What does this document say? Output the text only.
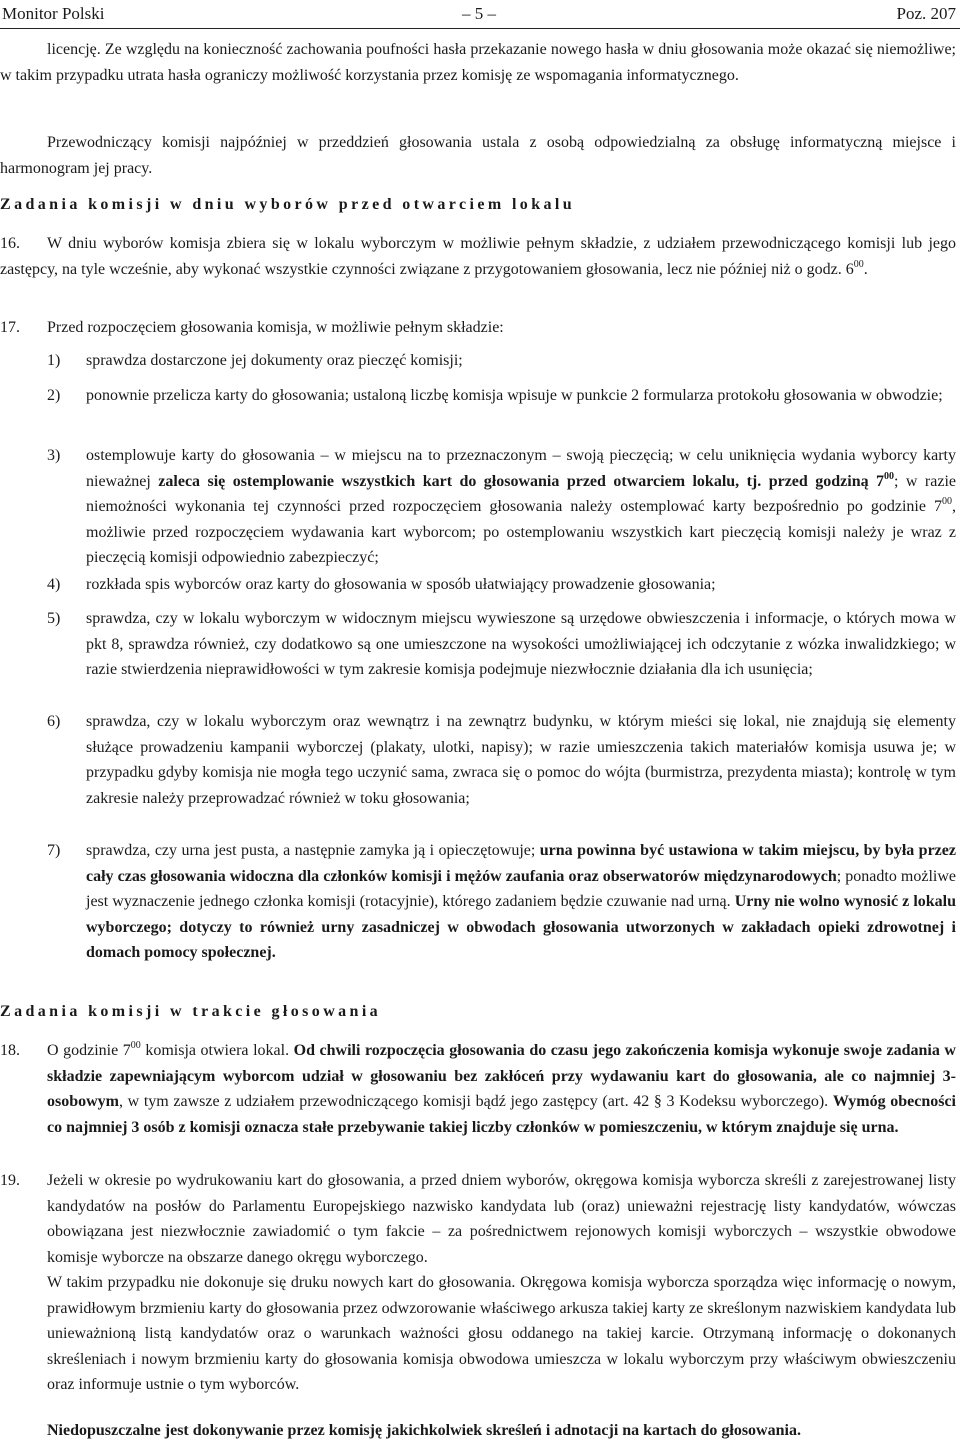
Monitor Polski	– 5 –	Poz. 207

licencję. Ze względu na konieczność zachowania poufności hasła przekazanie nowego hasła w dniu głosowania może okazać się niemożliwe; w takim przypadku utrata hasła ograniczy możliwość korzystania przez komisję ze wspomagania informatycznego.

Przewodniczący komisji najpóźniej w przeddzień głosowania ustala z osobą odpowiedzialną za obsługę informatyczną miejsce i harmonogram jej pracy.

Zadania komisji w dniu wyborów przed otwarciem lokalu
16.	W dniu wyborów komisja zbiera się w lokalu wyborczym w możliwie pełnym składzie, z udziałem przewodniczącego komisji lub jego zastępcy, na tyle wcześnie, aby wykonać wszystkie czynności związane z przygotowaniem głosowania, lecz nie później niż o godz. $6^{00}$.

17. Przed rozpoczęciem głosowania komisja, w możliwie pełnym składzie:

1) sprawdza dostarczone jej dokumenty oraz pieczęć komisji;

2) ponownie przelicza karty do głosowania; ustaloną liczbę komisja wpisuje w punkcie 2 formularza protokołu głosowania w obwodzie;

3) ostemplowuje karty do głosowania – w miejscu na to przeznaczonym – swoją pieczęcią; w celu uniknięcia wydania wyborcy karty nieważnej zaleca się ostemplowanie wszystkich kart do głosowania przed otwarciem lokalu, tj. przed godziną $7^{00}$; w razie niemożności wykonania tej czynności przed rozpoczęciem głosowania należy ostemplować karty bezpośrednio po godzinie $7^{00}$, możliwie przed rozpoczęciem wydawania kart wyborcom; po ostemplowaniu wszystkich kart pieczęcią komisji należy je wraz z pieczęcią komisji odpowiednio zabezpieczyć;

4) rozkłada spis wyborców oraz karty do głosowania w sposób ułatwiający prowadzenie głosowania;

5) sprawdza, czy w lokalu wyborczym w widocznym miejscu wywieszone są urzędowe obwieszczenia i informacje, o których mowa w pkt 8, sprawdza również, czy dodatkowo są one umieszczone na wysokości umożliwiającej ich odczytanie z wózka inwalidzkiego; w razie stwierdzenia nieprawidłowości w tym zakresie komisja podejmuje niezwłocznie działania dla ich usunięcia;

6) sprawdza, czy w lokalu wyborczym oraz wewnątrz i na zewnątrz budynku, w którym mieści się lokal, nie znajdują się elementy służące prowadzeniu kampanii wyborczej (plakaty, ulotki, napisy); w razie umieszczenia takich materiałów komisja usuwa je; w przypadku gdyby komisja nie mogła tego uczynić sama, zwraca się o pomoc do wójta (burmistrza, prezydenta miasta); kontrolę w tym zakresie należy przeprowadzać również w toku głosowania;

7) sprawdza, czy urna jest pusta, a następnie zamyka ją i opieczętowuje; urna powinna być ustawiona w takim miejscu, by była przez cały czas głosowania widoczna dla członków komisji i mężów zaufania oraz obserwatorów międzynarodowych; ponadto możliwe jest wyznaczenie jednego członka komisji (rotacyjnie), którego zadaniem będzie czuwanie nad urną. Urny nie wolno wynosić z lokalu wyborczego; dotyczy to również urny zasadniczej w obwodach głosowania utworzonych w zakładach opieki zdrowotnej i domach pomocy społecznej.

Zadania komisji w trakcie głosowania
18. O godzinie $7^{00}$ komisja otwiera lokal. Od chwili rozpoczęcia głosowania do czasu jego zakończenia komisja wykonuje swoje zadania w składzie zapewniającym wyborcom udział w głosowaniu bez zakłóceń przy wydawaniu kart do głosowania, ale co najmniej 3-osobowym, w tym zawsze z udziałem przewodniczącego komisji bądź jego zastępcy (art. 42 § 3 Kodeksu wyborczego). Wymóg obecności co najmniej 3 osób z komisji oznacza stałe przebywanie takiej liczby członków w pomieszczeniu, w którym znajduje się urna.

19. Jeżeli w okresie po wydrukowaniu kart do głosowania, a przed dniem wyborów, okręgowa komisja wyborcza skreśli z zarejestrowanej listy kandydatów na posłów do Parlamentu Europejskiego nazwisko kandydata lub (oraz) unieważni rejestrację listy kandydatów, wówczas obowiązana jest niezwłocznie zawiadomić o tym fakcie – za pośrednictwem rejonowych komisji wyborczych – wszystkie obwodowe komisje wyborcze na obszarze danego okręgu wyborczego.

W takim przypadku nie dokonuje się druku nowych kart do głosowania. Okręgowa komisja wyborcza sporządza więc informację o nowym, prawidłowym brzmieniu karty do głosowania przez odwzorowanie właściwego arkusza takiej karty ze skreślonym nazwiskiem kandydata lub unieważnioną listą kandydatów oraz o warunkach ważności głosu oddanego na takiej karcie. Otrzymaną informację o dokonanych skreśleniach i nowym brzmieniu karty do głosowania komisja obwodowa umieszcza w lokalu wyborczym przy właściwym obwieszczeniu oraz informuje ustnie o tym wyborców.

Niedopuszczalne jest dokonywanie przez komisję jakichkolwiek skreśleń i adnotacji na kartach do głosowania.
